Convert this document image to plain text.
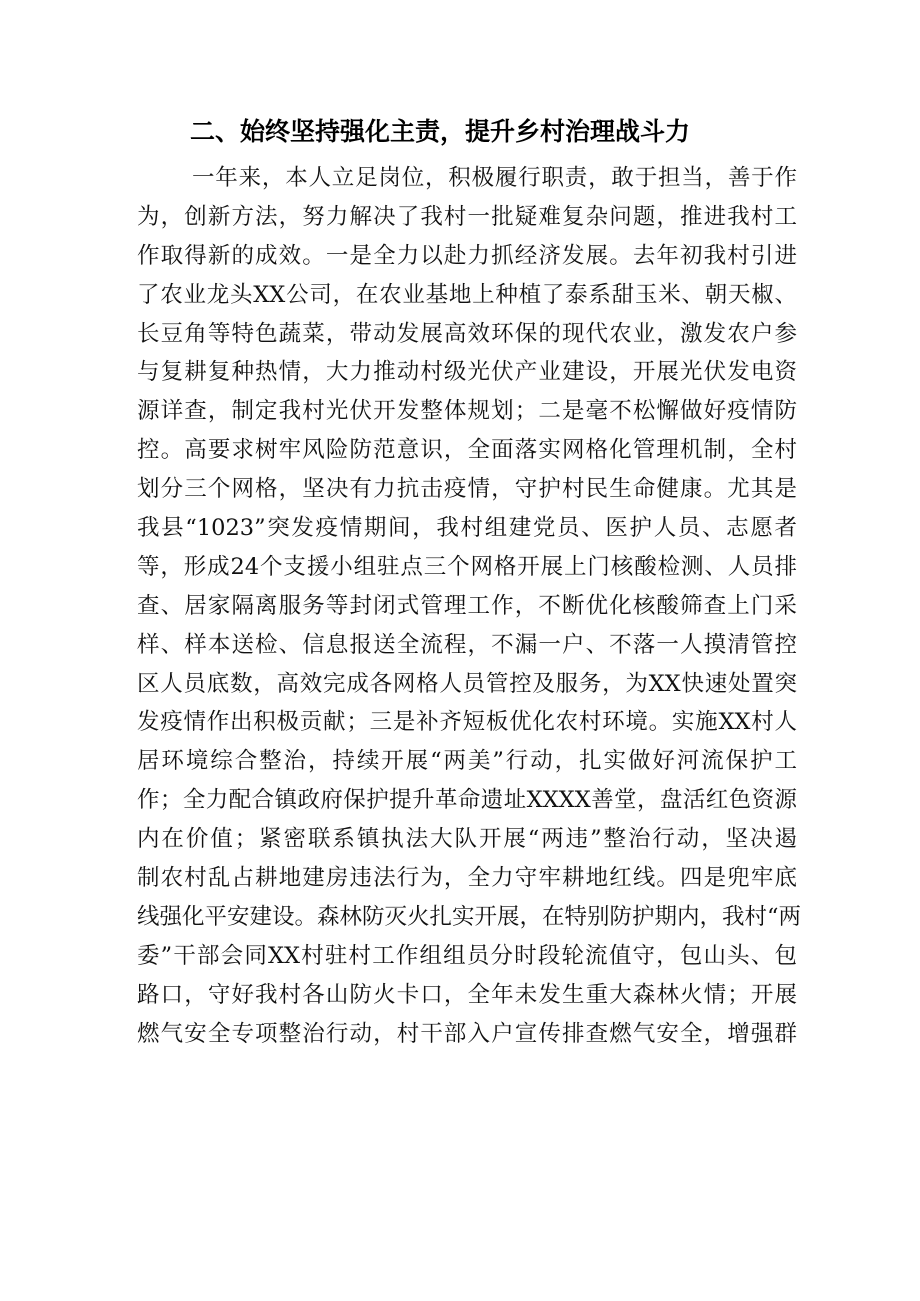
二、始终坚持强化主责，提升乡村治理战斗力
一年来，本人立足岗位，积极履行职责，敢于担当，善于作
为，创新方法，努力解决了我村一批疑难复杂问题，推进我村工
作取得新的成效。一是全力以赴力抓经济发展。去年初我村引进
了农业龙头XX公司，在农业基地上种植了泰系甜玉米、朝天椒、
长豆角等特色蔬菜，带动发展高效环保的现代农业，激发农户参
与复耕复种热情，大力推动村级光伏产业建设，开展光伏发电资
源详查，制定我村光伏开发整体规划；二是毫不松懈做好疫情防
控。高要求树牢风险防范意识，全面落实网格化管理机制，全村
划分三个网格，坚决有力抗击疫情，守护村民生命健康。尤其是
我县“1023”突发疫情期间，我村组建党员、医护人员、志愿者
等，形成24个支援小组驻点三个网格开展上门核酸检测、人员排
查、居家隔离服务等封闭式管理工作，不断优化核酸筛查上门采
样、样本送检、信息报送全流程，不漏一户、不落一人摸清管控
区人员底数，高效完成各网格人员管控及服务，为XX快速处置突
发疫情作出积极贡献；三是补齐短板优化农村环境。实施XX村人
居环境综合整治，持续开展“两美”行动，扎实做好河流保护工
作；全力配合镇政府保护提升革命遗址XXXX善堂，盘活红色资源
内在价值；紧密联系镇执法大队开展“两违”整治行动，坚决遏
制农村乱占耕地建房违法行为，全力守牢耕地红线。四是兜牢底
线强化平安建设。森林防灭火扎实开展，在特别防护期内，我村“两
委”干部会同XX村驻村工作组组员分时段轮流值守，包山头、包
路口，守好我村各山防火卡口，全年未发生重大森林火情；开展
燃气安全专项整治行动，村干部入户宣传排查燃气安全，增强群
